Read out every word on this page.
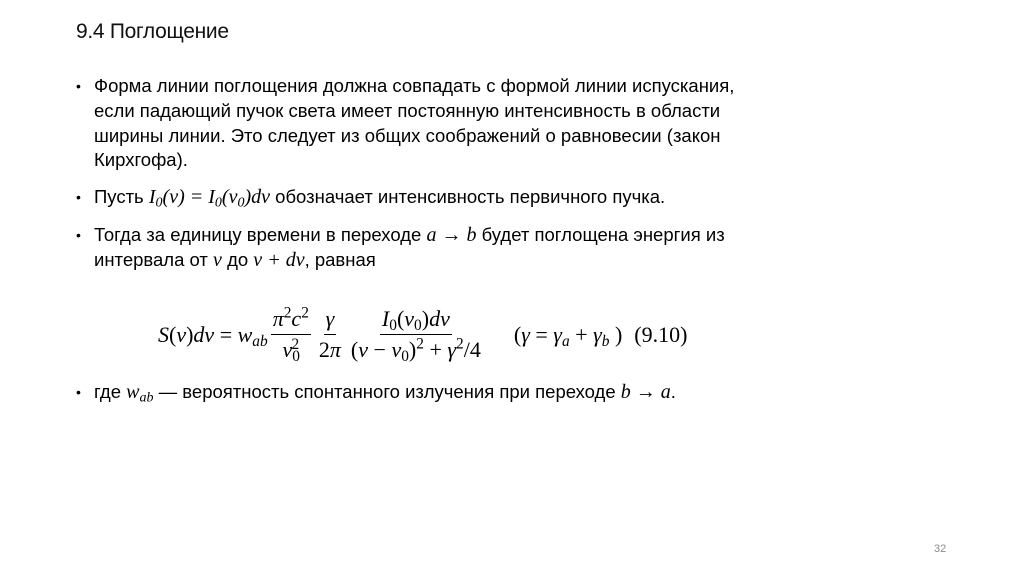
9.4 Поглощение
• Форма линии поглощения должна совпадать с формой линии испускания,
если падающий пучок света имеет постоянную интенсивность в области
ширины линии. Это следует из общих соображений о равновесии (закон
Кирхгофа).
• Пусть $I_0(\nu) = I_0(\nu_0)d\nu$ обозначает интенсивность первичного пучка.
• Тогда за единицу времени в переходе a → b будет поглощена энергия из
интервала от ν до ν + dν, равная
$S(\nu)d\nu = w_{ab} \frac{\pi^2c^2}{\nu_0^2} \frac{\gamma}{2\pi} \frac{I_0(\nu_0)d\nu}{(\nu - \nu_0)^2 + \gamma^2/4} (\gamma = \gamma_a + \gamma_b$ ) (9.10)
• где $w_{ab}$ — вероятность спонтанного излучения при переходе b → a.
32
